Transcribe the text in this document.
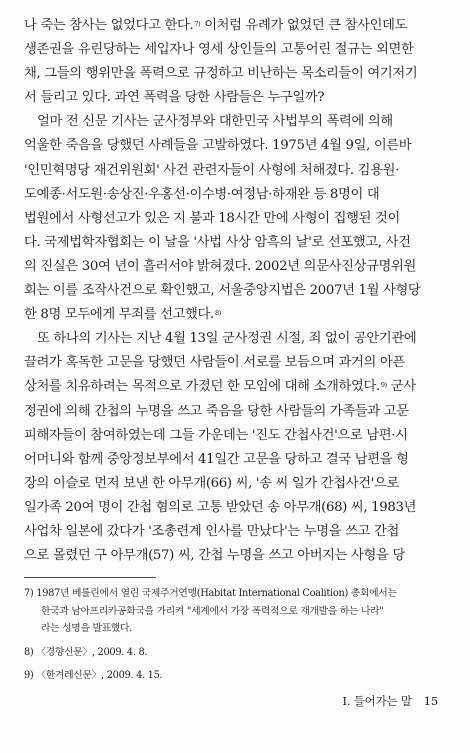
나 죽는 참사는 없었다고 한다.$^{7)}$ 이처럼 유례가 없었던 큰 참사인데도
생존권을 유린당하는 세입자나 영세 상인들의 고통어린 절규는 외면한
채, 그들의 행위만을 폭력으로 규정하고 비난하는 목소리들이 여기저기
서 들리고 있다. 과연 폭력을 당한 사람들은 누구일까?
얼마 전 신문 기사는 군사정부와 대한민국 사법부의 폭력에 의해
억울한 죽음을 당했던 사례들을 고발하였다. 1975년 4월 9일, 이른바
'인민혁명당 재건위원회' 사건 관련자들이 사형에 처해졌다. 김용원·
도예종·서도원·송상진·우홍선·이수병·여정남·하재완 등 8명이 대
법원에서 사형선고가 있은 지 불과 18시간 만에 사형이 집행된 것이
다. 국제법학자협회는 이 날을 '사법 사상 암흑의 날'로 선포했고, 사건
의 진실은 30여 년이 흘러서야 밝혀졌다. 2002년 의문사진상규명위원
회는 이를 조작사건으로 확인했고, 서울중앙지법은 2007년 1월 사형당
한 8명 모두에게 무죄를 선고했다.$^{8)}$
또 하나의 기사는 지난 4월 13일 군사정권 시절, 죄 없이 공안기관에
끌려가 혹독한 고문을 당했던 사람들이 서로를 보듬으며 과거의 아픈
상처를 치유하려는 목적으로 가졌던 한 모임에 대해 소개하였다.$^{9)}$ 군사
정권에 의해 간첩의 누명을 쓰고 죽음을 당한 사람들의 가족들과 고문
피해자들이 참여하였는데 그들 가운데는 '진도 간첩사건'으로 남편·시
어머니와 함께 중앙정보부에서 41일간 고문을 당하고 결국 남편을 형
장의 이슬로 먼저 보낸 한 아무개(66) 씨, '송 씨 일가 간첩사건'으로
일가족 20여 명이 간첩 혐의로 고통 받았던 송 아무개(68) 씨, 1983년
사업차 일본에 갔다가 '조총련계 인사를 만났다'는 누명을 쓰고 간첩
으로 몰렸던 구 아무개(57) 씨, 간첩 누명을 쓰고 아버지는 사형을 당
7) 1987년 베를린에서 열린 국제주거연맹(Habitat International Coalition) 총회에서는
한국과 남아프리카공화국을 가리켜 "세계에서 가장 폭력적으로 재개발을 하는 나라"
라는 성명을 발표했다.
8) 〈경향신문〉, 2009. 4. 8.
9) 〈한겨레신문〉, 2009. 4. 15.
I. 들어가는 말 15
